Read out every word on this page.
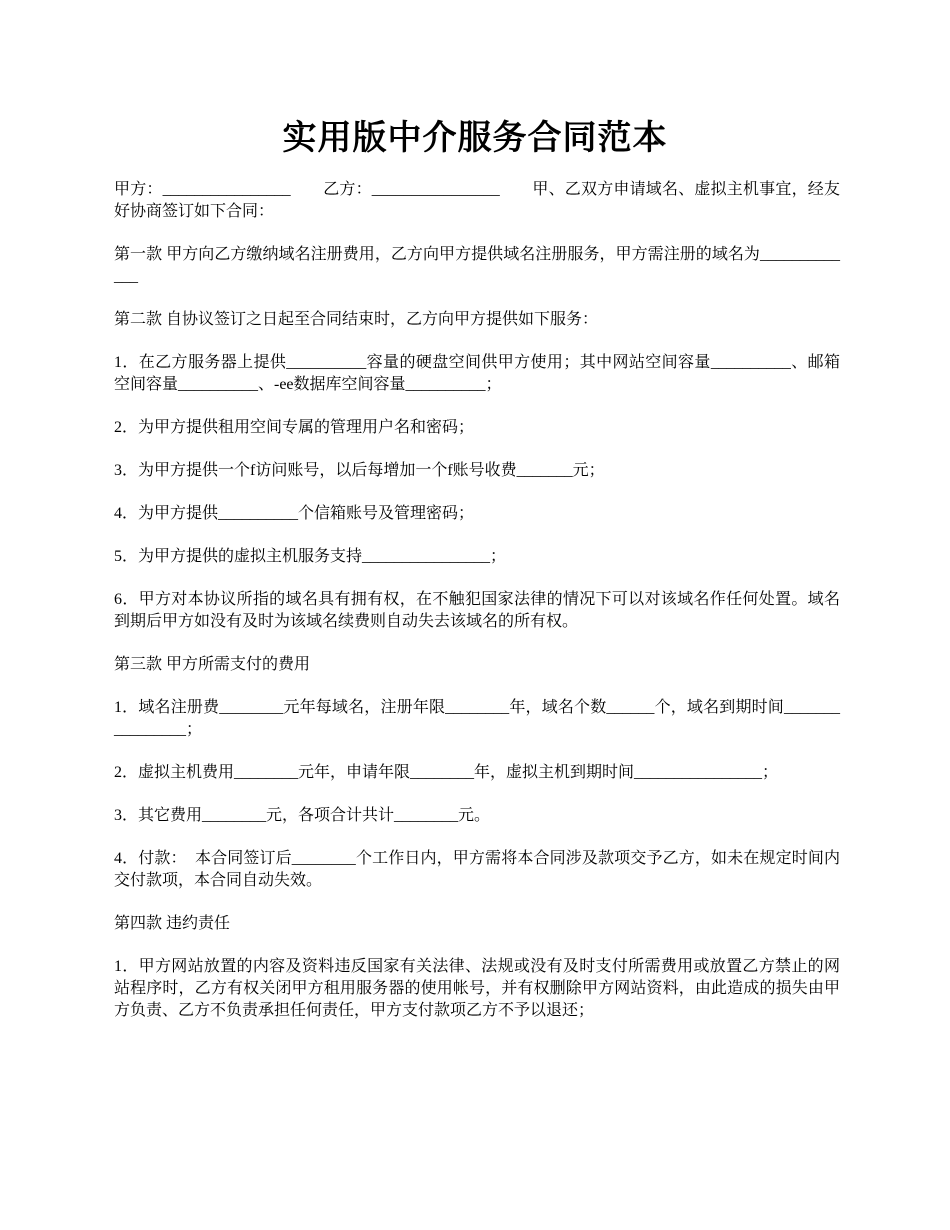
实用版中介服务合同范本

甲方：________________　　乙方：________________　　甲、乙双方申请域名、虚拟主机事宜，经友好协商签订如下合同：

第一款 甲方向乙方缴纳域名注册费用，乙方向甲方提供域名注册服务，甲方需注册的域名为_____________

第二款 自协议签订之日起至合同结束时，乙方向甲方提供如下服务：

1．在乙方服务器上提供__________容量的硬盘空间供甲方使用；其中网站空间容量__________、邮箱空间容量__________、-ee数据库空间容量__________；

2．为甲方提供租用空间专属的管理用户名和密码；

3．为甲方提供一个f访问账号，以后每增加一个f账号收费_______元；

4．为甲方提供__________个信箱账号及管理密码；

5．为甲方提供的虚拟主机服务支持________________；

6．甲方对本协议所指的域名具有拥有权，在不触犯国家法律的情况下可以对该域名作任何处置。域名到期后甲方如没有及时为该域名续费则自动失去该域名的所有权。

第三款 甲方所需支付的费用

1．域名注册费________元年每域名，注册年限________年，域名个数______个，域名到期时间________________；

2．虚拟主机费用________元年，申请年限________年，虚拟主机到期时间________________；

3．其它费用________元，各项合计共计________元。

4．付款：  本合同签订后________个工作日内，甲方需将本合同涉及款项交予乙方，如未在规定时间内交付款项，本合同自动失效。

第四款 违约责任

1．甲方网站放置的内容及资料违反国家有关法律、法规或没有及时支付所需费用或放置乙方禁止的网站程序时，乙方有权关闭甲方租用服务器的使用帐号，并有权删除甲方网站资料，由此造成的损失由甲方负责、乙方不负责承担任何责任，甲方支付款项乙方不予以退还；
